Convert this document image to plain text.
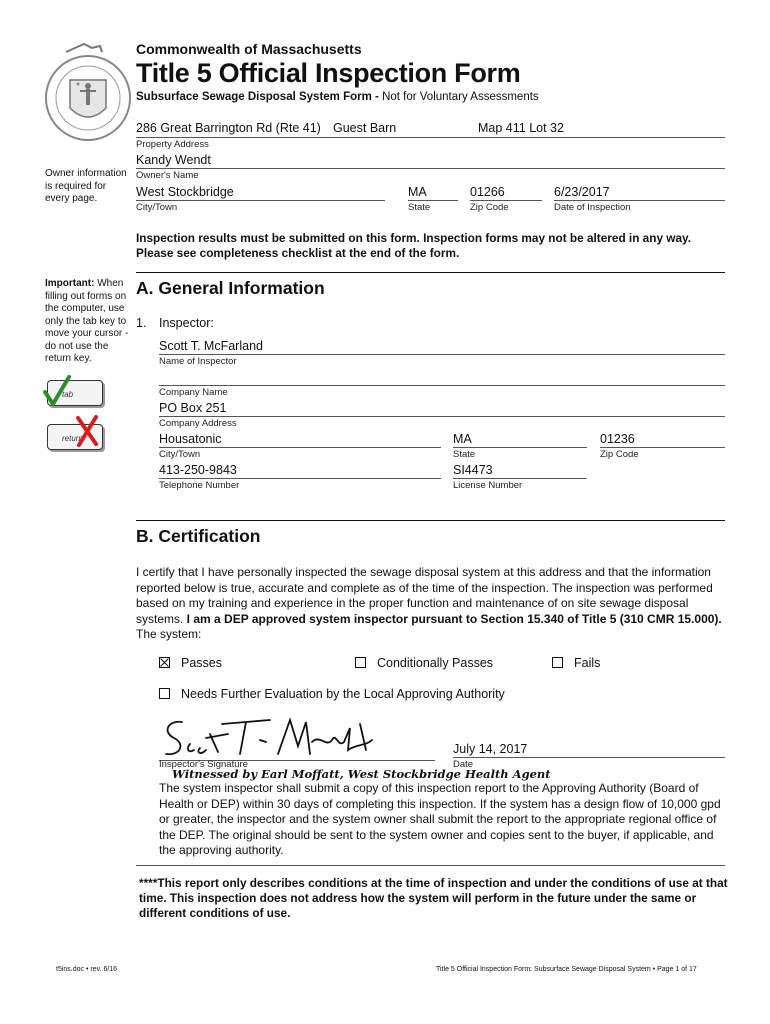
Commonwealth of Massachusetts
Title 5 Official Inspection Form
Subsurface Sewage Disposal System Form - Not for Voluntary Assessments
286 Great Barrington Rd (Rte 41) Guest Barn	Map 411 Lot 32
Property Address
Kandy Wendt
Owner's Name
West Stockbridge
City/Town
MA
State
01266
Zip Code
6/23/2017
Date of Inspection
Owner information is required for every page.
Important: When filling out forms on the computer, use only the tab key to move your cursor - do not use the return key.
tab
return
Inspection results must be submitted on this form. Inspection forms may not be altered in any way. Please see completeness checklist at the end of the form.
A. General Information
1. Inspector:
Scott T. McFarland
Name of Inspector
Company Name
PO Box 251
Company Address
Housatonic
City/Town
MA
State
01236
Zip Code
413-250-9843
Telephone Number
SI4473
License Number
B. Certification

I certify that I have personally inspected the sewage disposal system at this address and that the information reported below is true, accurate and complete as of the time of the inspection. The inspection was performed based on my training and experience in the proper function and maintenance of on site sewage disposal systems. I am a DEP approved system inspector pursuant to Section 15.340 of Title 5 (310 CMR 15.000). The system:

Passes	Conditionally Passes	Fails
Needs Further Evaluation by the Local Approving Authority
Inspector's Signature
July 14, 2017
Date
Witnessed by Earl Moffatt, West Stockbridge Health Agent

The system inspector shall submit a copy of this inspection report to the Approving Authority (Board of Health or DEP) within 30 days of completing this inspection. If the system has a design flow of 10,000 gpd or greater, the inspector and the system owner shall submit the report to the appropriate regional office of the DEP. The original should be sent to the system owner and copies sent to the buyer, if applicable, and the approving authority.

****This report only describes conditions at the time of inspection and under the conditions of use at that time. This inspection does not address how the system will perform in the future under the same or different conditions of use.
t5ins.doc • rev. 6/16	Title 5 Official Inspection Form: Subsurface Sewage Disposal System • Page 1 of 17
